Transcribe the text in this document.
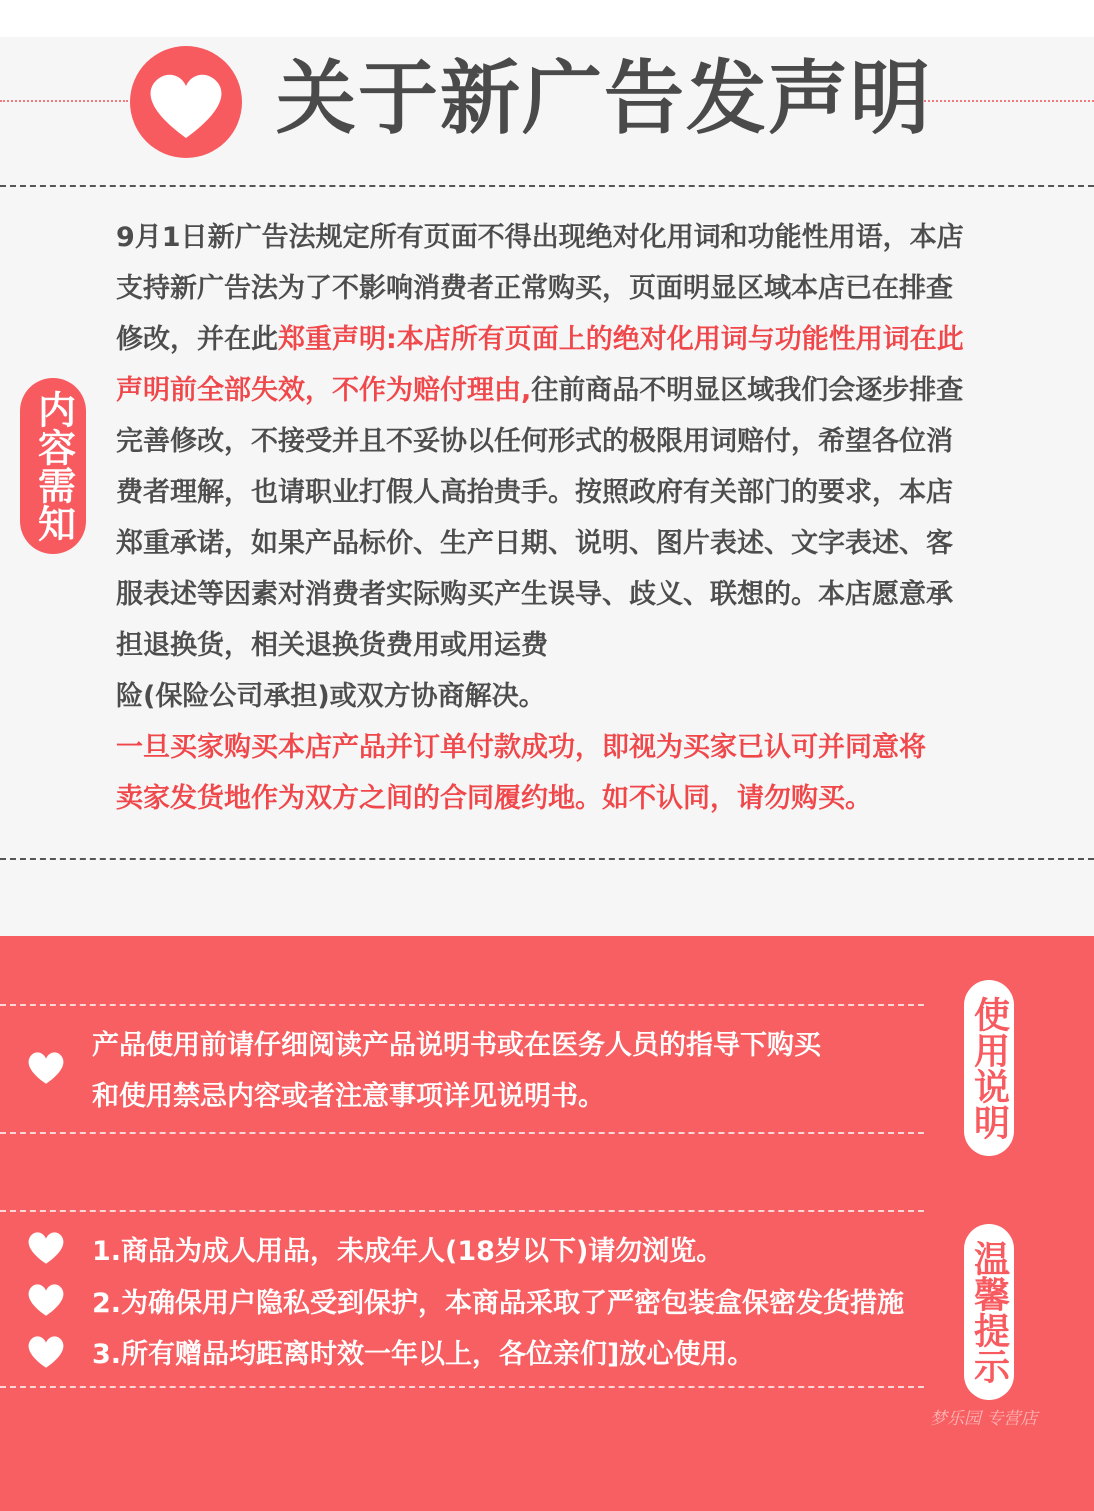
关于新广告发声明
内容需知
9月1日新广告法规定所有页面不得出现绝对化用词和功能性用语，本店
支持新广告法为了不影响消费者正常购买，页面明显区域本店已在排查
修改，并在此郑重声明:本店所有页面上的绝对化用词与功能性用词在此
声明前全部失效，不作为赔付理由,往前商品不明显区域我们会逐步排查
完善修改，不接受并且不妥协以任何形式的极限用词赔付，希望各位消
费者理解，也请职业打假人高抬贵手。按照政府有关部门的要求，本店
郑重承诺，如果产品标价、生产日期、说明、图片表述、文字表述、客
服表述等因素对消费者实际购买产生误导、歧义、联想的。本店愿意承
担退换货，相关退换货费用或用运费
险(保险公司承担)或双方协商解决。
一旦买家购买本店产品并订单付款成功，即视为买家已认可并同意将
卖家发货地作为双方之间的合同履约地。如不认同，请勿购买。
产品使用前请仔细阅读产品说明书或在医务人员的指导下购买
和使用禁忌内容或者注意事项详见说明书。	使用说明
1.商品为成人用品，未成年人(18岁以下)请勿浏览。
2.为确保用户隐私受到保护，本商品采取了严密包装盒保密发货措施
3.所有赠品均距离时效一年以上，各位亲们]放心使用。	温馨提示
梦乐园 专营店
